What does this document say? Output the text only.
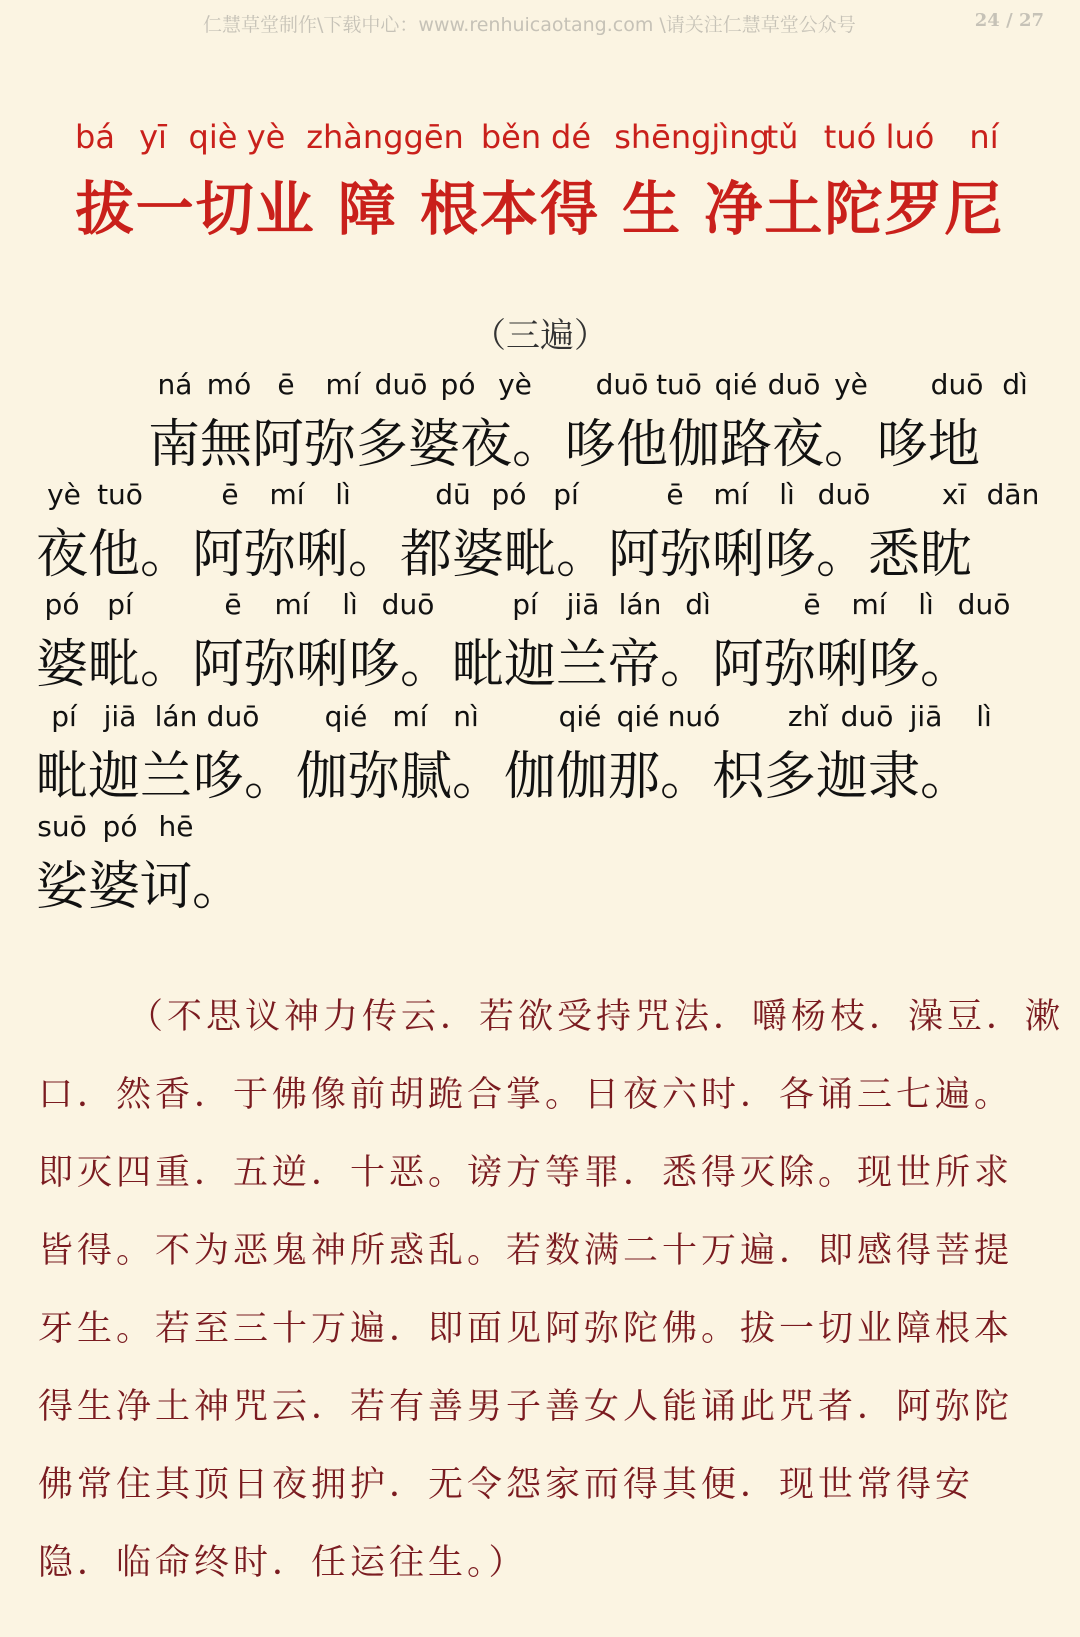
仁慧草堂制作\下载中心：www.renhuicaotang.com \请关注仁慧草堂公众号	24 / 27
bá yī qiè yè zhànggēn běn dé shēngjìng
tǔ tuó luó ní
拔一切业 障 根本得 生 净土陀罗尼
（三遍）
ná mó ē mí duō pó yè duō tuō qié duō yè duō dì
南無阿弥多婆夜。哆他伽路夜。哆地
yè tuō	ē mí lì	dū pó pí	ē mí lì duō	xī dān
夜他。阿弥唎。都婆毗。阿弥唎哆。悉眈
pó pí	ē mí lì duō	pí jiā lán dì	ē mí lì duō
婆毗。阿弥唎哆。毗迦兰帝。阿弥唎哆。
pí jiā lán duō qié mí nì	qié qié nuó zhǐ duō jiā lì
毗迦兰哆。伽弥腻。伽伽那。枳多迦隶。
suō pó hē
娑婆诃。
（不思议神力传云．若欲受持咒法．嚼杨枝．澡豆．漱
口．然香．于佛像前胡跪合掌。日夜六时．各诵三七遍。
即灭四重．五逆．十恶。谤方等罪．悉得灭除。现世所求
皆得。不为恶鬼神所惑乱。若数满二十万遍．即感得菩提
牙生。若至三十万遍．即面见阿弥陀佛。拔一切业障根本
得生净土神咒云．若有善男子善女人能诵此咒者．阿弥陀
佛常住其顶日夜拥护．无令怨家而得其便．现世常得安
隐．临命终时．任运往生。）
